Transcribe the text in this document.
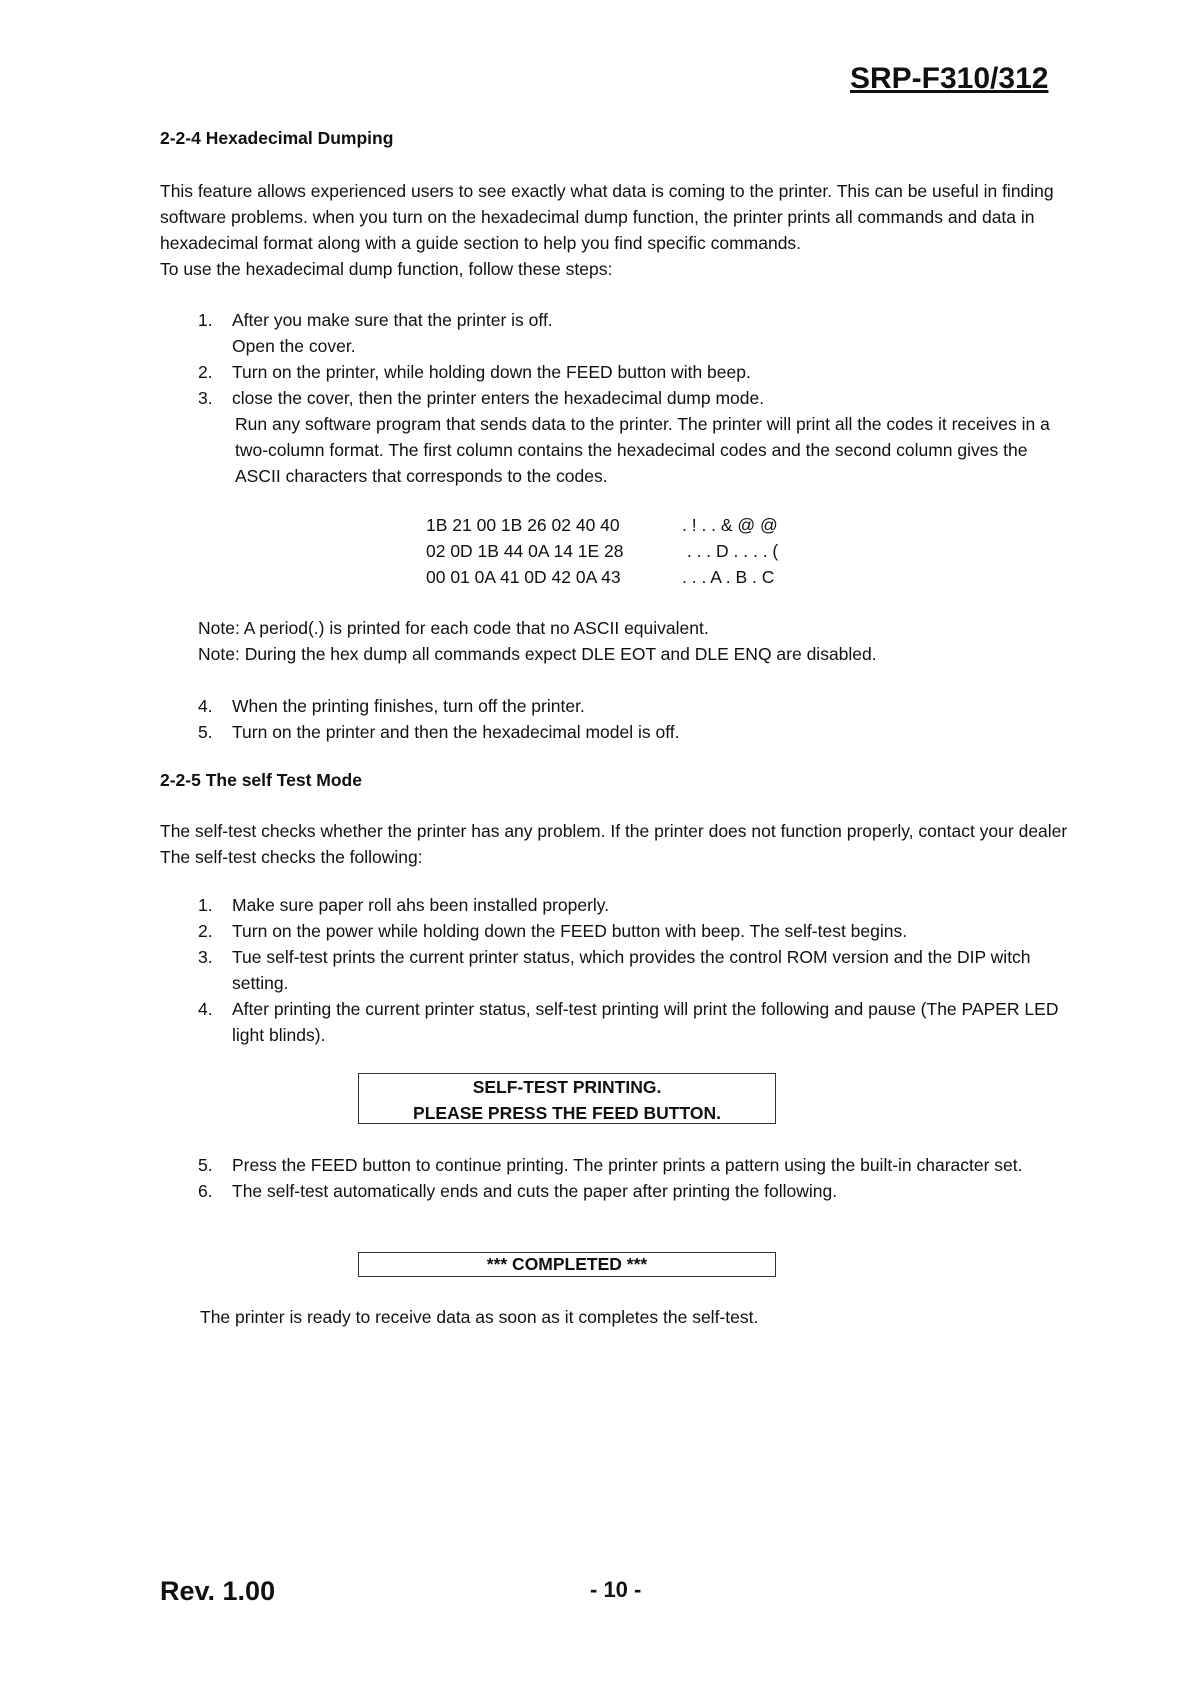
SRP-F310/312
2-2-4 Hexadecimal Dumping

This feature allows experienced users to see exactly what data is coming to the printer. This can be useful in finding software problems. when you turn on the hexadecimal dump function, the printer prints all commands and data in hexadecimal format along with a guide section to help you find specific commands.

To use the hexadecimal dump function, follow these steps:

1. After you make sure that the printer is off.
Open the cover.
2. Turn on the printer, while holding down the FEED button with beep.
3. close the cover, then the printer enters the hexadecimal dump mode.
Run any software program that sends data to the printer. The printer will print all the codes it receives in a two-column format. The first column contains the hexadecimal codes and the second column gives the ASCII characters that corresponds to the codes.
1B 21 00 1B 26 02 40 40	. ! . . & @ @
02 0D 1B 44 0A 14 1E 28	. . . D . . . . (
00 01 0A 41 0D 42 0A 43	. . . A . B . C

Note: A period(.) is printed for each code that no ASCII equivalent.

Note: During the hex dump all commands expect DLE EOT and DLE ENQ are disabled.

4. When the printing finishes, turn off the printer.
5. Turn on the printer and then the hexadecimal model is off.
2-2-5 The self Test Mode
The self-test checks whether the printer has any problem. If the printer does not function properly, contact your dealer The self-test checks the following:
1. Make sure paper roll ahs been installed properly.
2. Turn on the power while holding down the FEED button with beep. The self-test begins.
3. Tue self-test prints the current printer status, which provides the control ROM version and the DIP witch setting.
4. After printing the current printer status, self-test printing will print the following and pause (The PAPER LED light blinds).
SELF-TEST PRINTING.
PLEASE PRESS THE FEED BUTTON.
5. Press the FEED button to continue printing. The printer prints a pattern using the built-in character set.
6. The self-test automatically ends and cuts the paper after printing the following.
*** COMPLETED ***
The printer is ready to receive data as soon as it completes the self-test.
Rev. 1.00	- 10 -
